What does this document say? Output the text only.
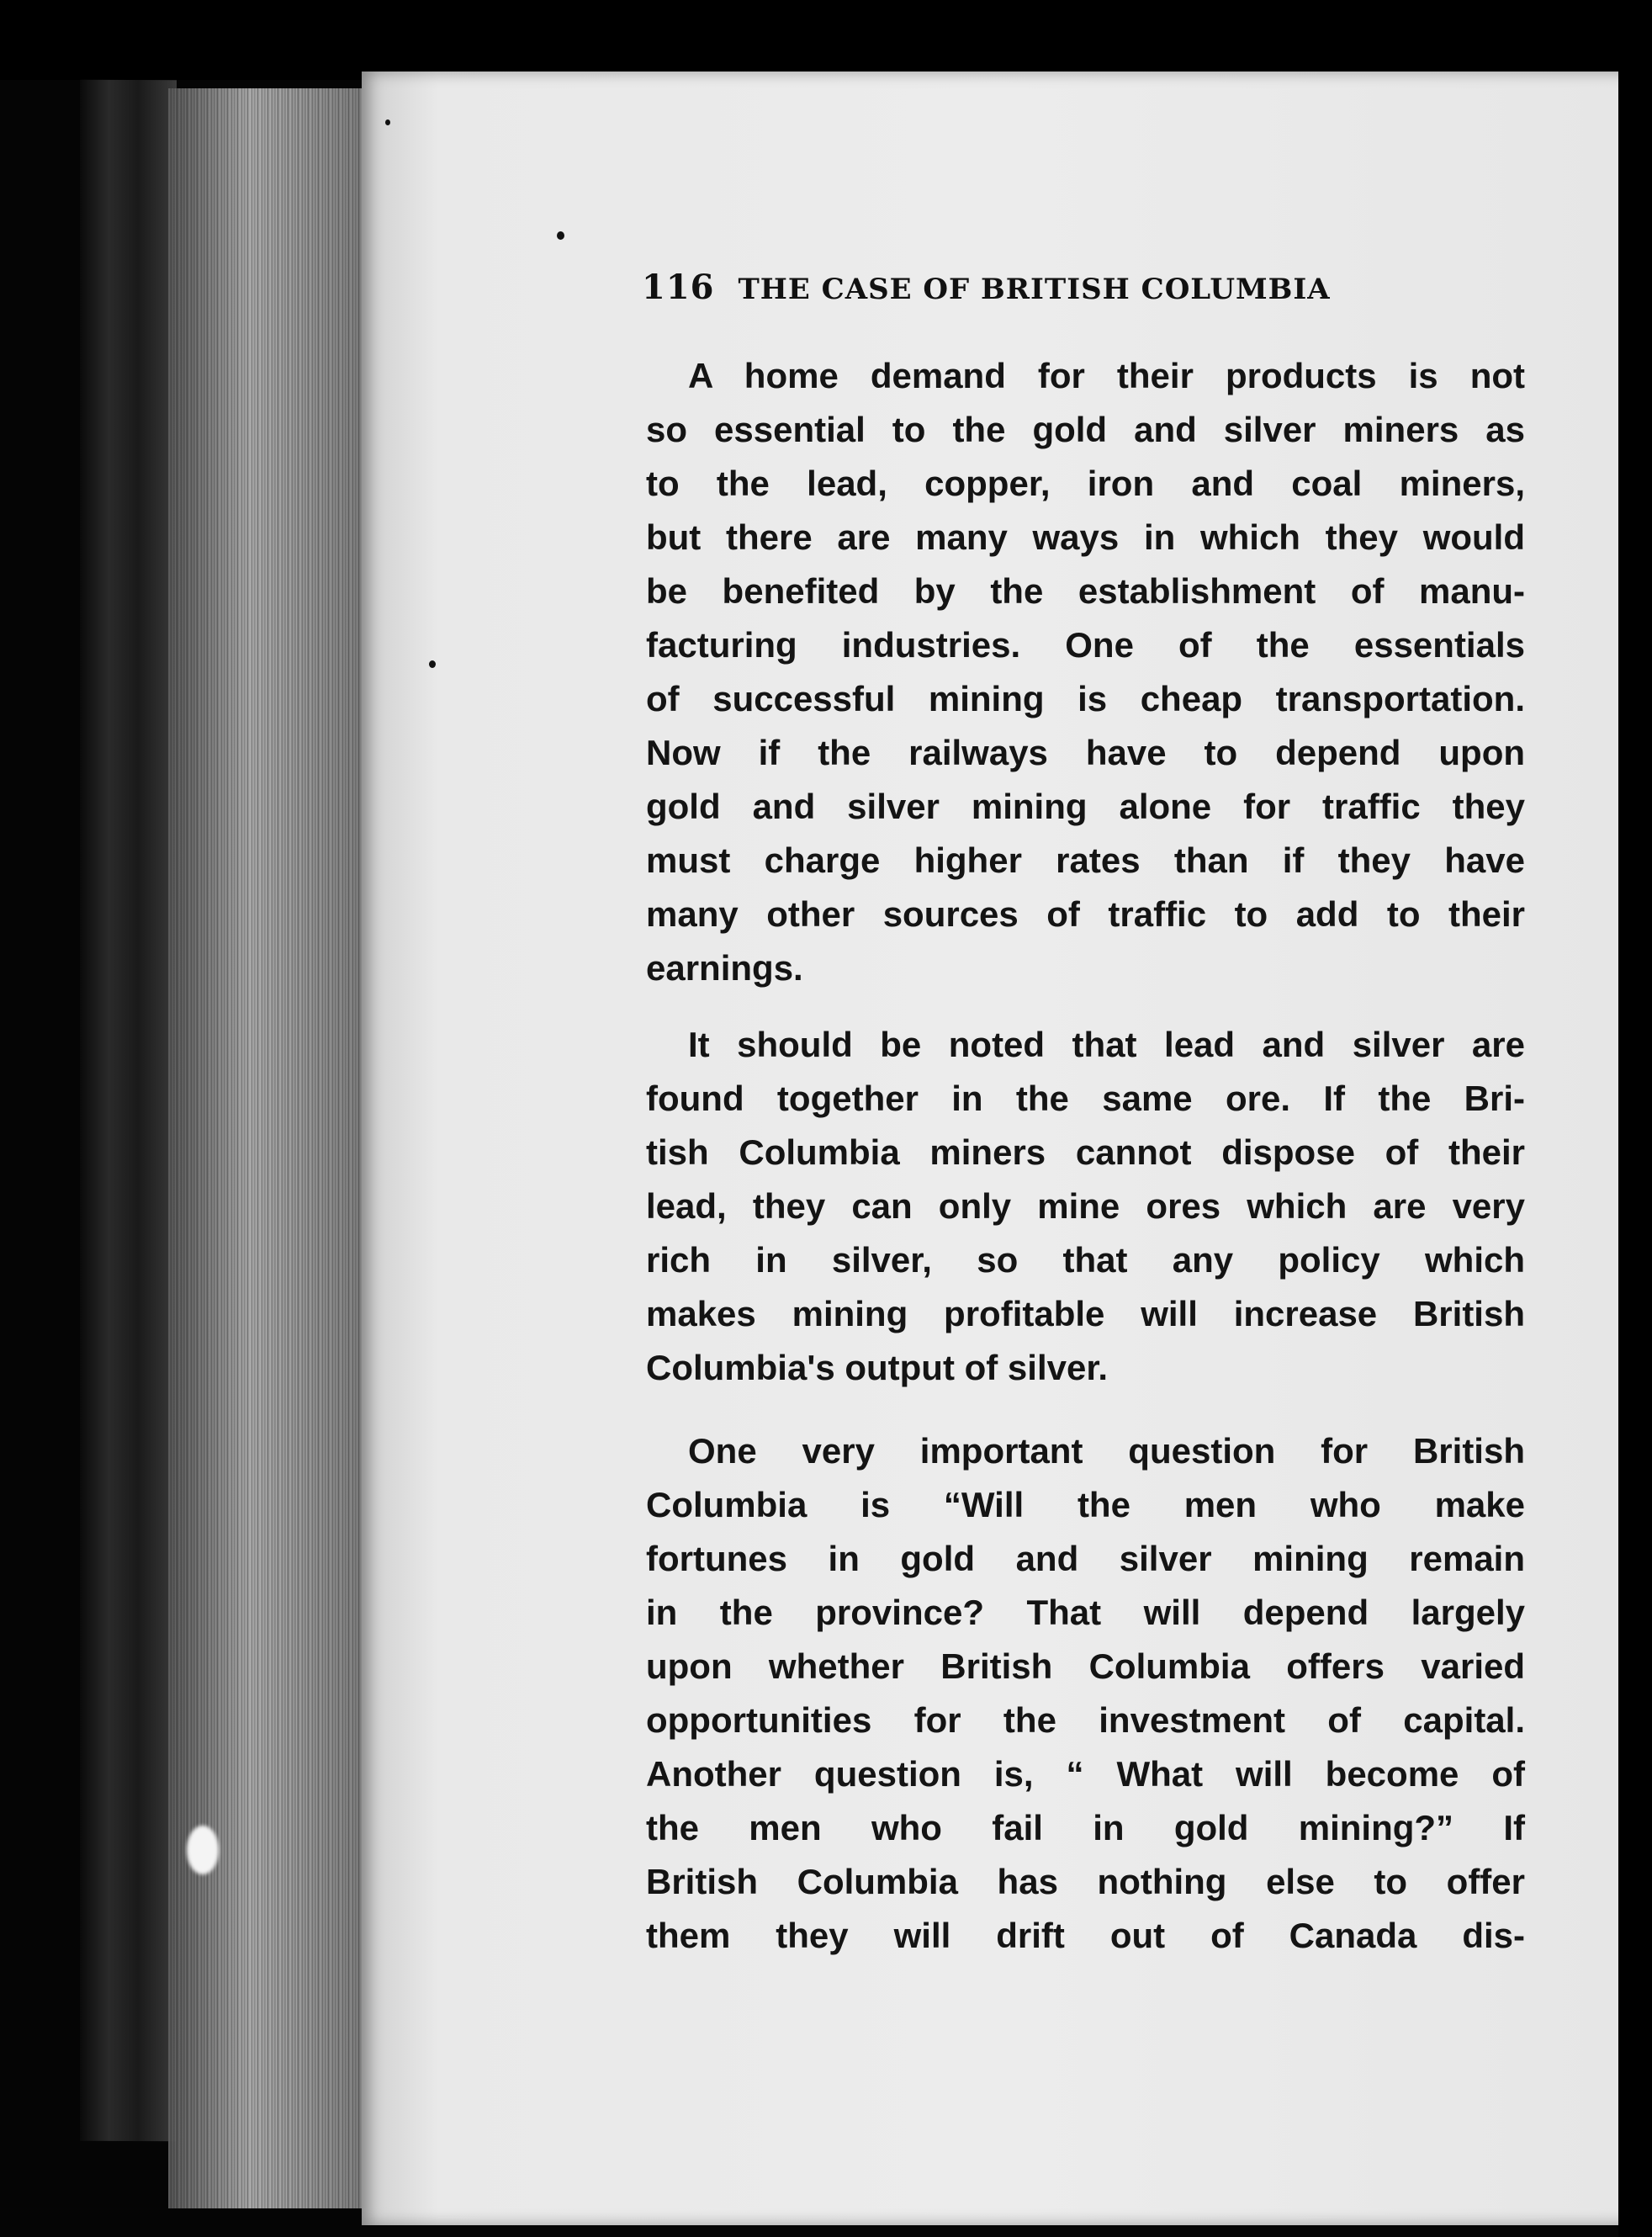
116 THE CASE OF BRITISH COLUMBIA
A home demand for their products is not
so essential to the gold and silver miners as
to the lead, copper, iron and coal miners,
but there are many ways in which they would
be benefited by the establishment of manu-
facturing industries. One of the essentials
of successful mining is cheap transportation.
Now if the railways have to depend upon
gold and silver mining alone for traffic they
must charge higher rates than if they have
many other sources of traffic to add to their
earnings.
It should be noted that lead and silver are
found together in the same ore. If the Bri-
tish Columbia miners cannot dispose of their
lead, they can only mine ores which are very
rich in silver, so that any policy which
makes mining profitable will increase British
Columbia's output of silver.
One very important question for British
Columbia is “Will the men who make
fortunes in gold and silver mining remain
in the province? That will depend largely
upon whether British Columbia offers varied
opportunities for the investment of capital.
Another question is, “ What will become of
the men who fail in gold mining?” If
British Columbia has nothing else to offer
them they will drift out of Canada dis-
